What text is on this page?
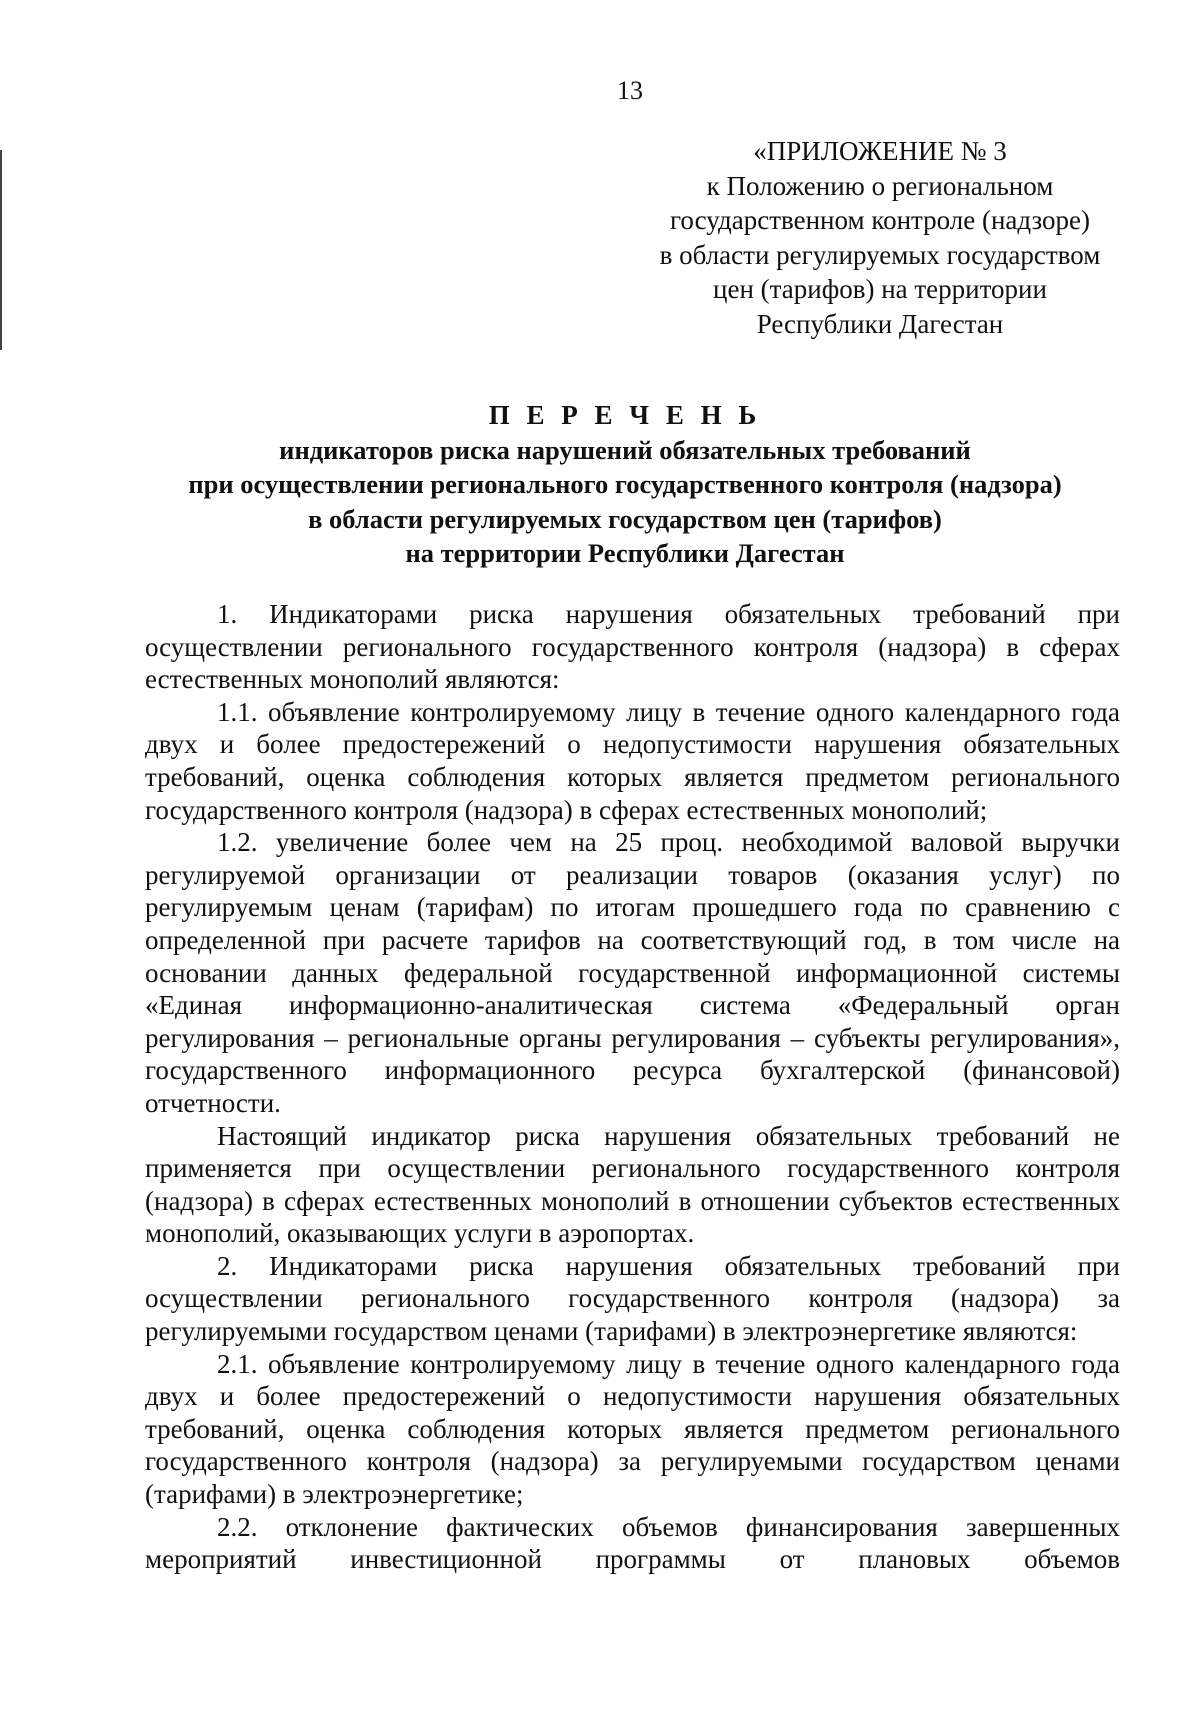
13
«ПРИЛОЖЕНИЕ № 3
к Положению о региональном
государственном контроле (надзоре)
в области регулируемых государством
цен (тарифов) на территории
Республики Дагестан
П Е Р Е Ч Е Н Ь
индикаторов риска нарушений обязательных требований
при осуществлении регионального государственного контроля (надзора)
в области регулируемых государством цен (тарифов)
на территории Республики Дагестан

1. Индикаторами риска нарушения обязательных требований при осуществлении регионального государственного контроля (надзора) в сферах естественных монополий являются:

1.1. объявление контролируемому лицу в течение одного календарного года двух и более предостережений о недопустимости нарушения обязательных требований, оценка соблюдения которых является предметом регионального государственного контроля (надзора) в сферах естественных монополий;

1.2. увеличение более чем на 25 проц. необходимой валовой выручки регулируемой организации от реализации товаров (оказания услуг) по регулируемым ценам (тарифам) по итогам прошедшего года по сравнению с определенной при расчете тарифов на соответствующий год, в том числе на основании данных федеральной государственной информационной системы «Единая информационно-аналитическая система «Федеральный орган регулирования – региональные органы регулирования – субъекты регулирования», государственного информационного ресурса бухгалтерской (финансовой) отчетности.

Настоящий индикатор риска нарушения обязательных требований не применяется при осуществлении регионального государственного контроля (надзора) в сферах естественных монополий в отношении субъектов естественных монополий, оказывающих услуги в аэропортах.

2. Индикаторами риска нарушения обязательных требований при осуществлении регионального государственного контроля (надзора) за регулируемыми государством ценами (тарифами) в электроэнергетике являются:

2.1. объявление контролируемому лицу в течение одного календарного года двух и более предостережений о недопустимости нарушения обязательных требований, оценка соблюдения которых является предметом регионального государственного контроля (надзора) за регулируемыми государством ценами (тарифами) в электроэнергетике;

2.2. отклонение фактических объемов финансирования завершенных мероприятий инвестиционной программы от плановых объемов
